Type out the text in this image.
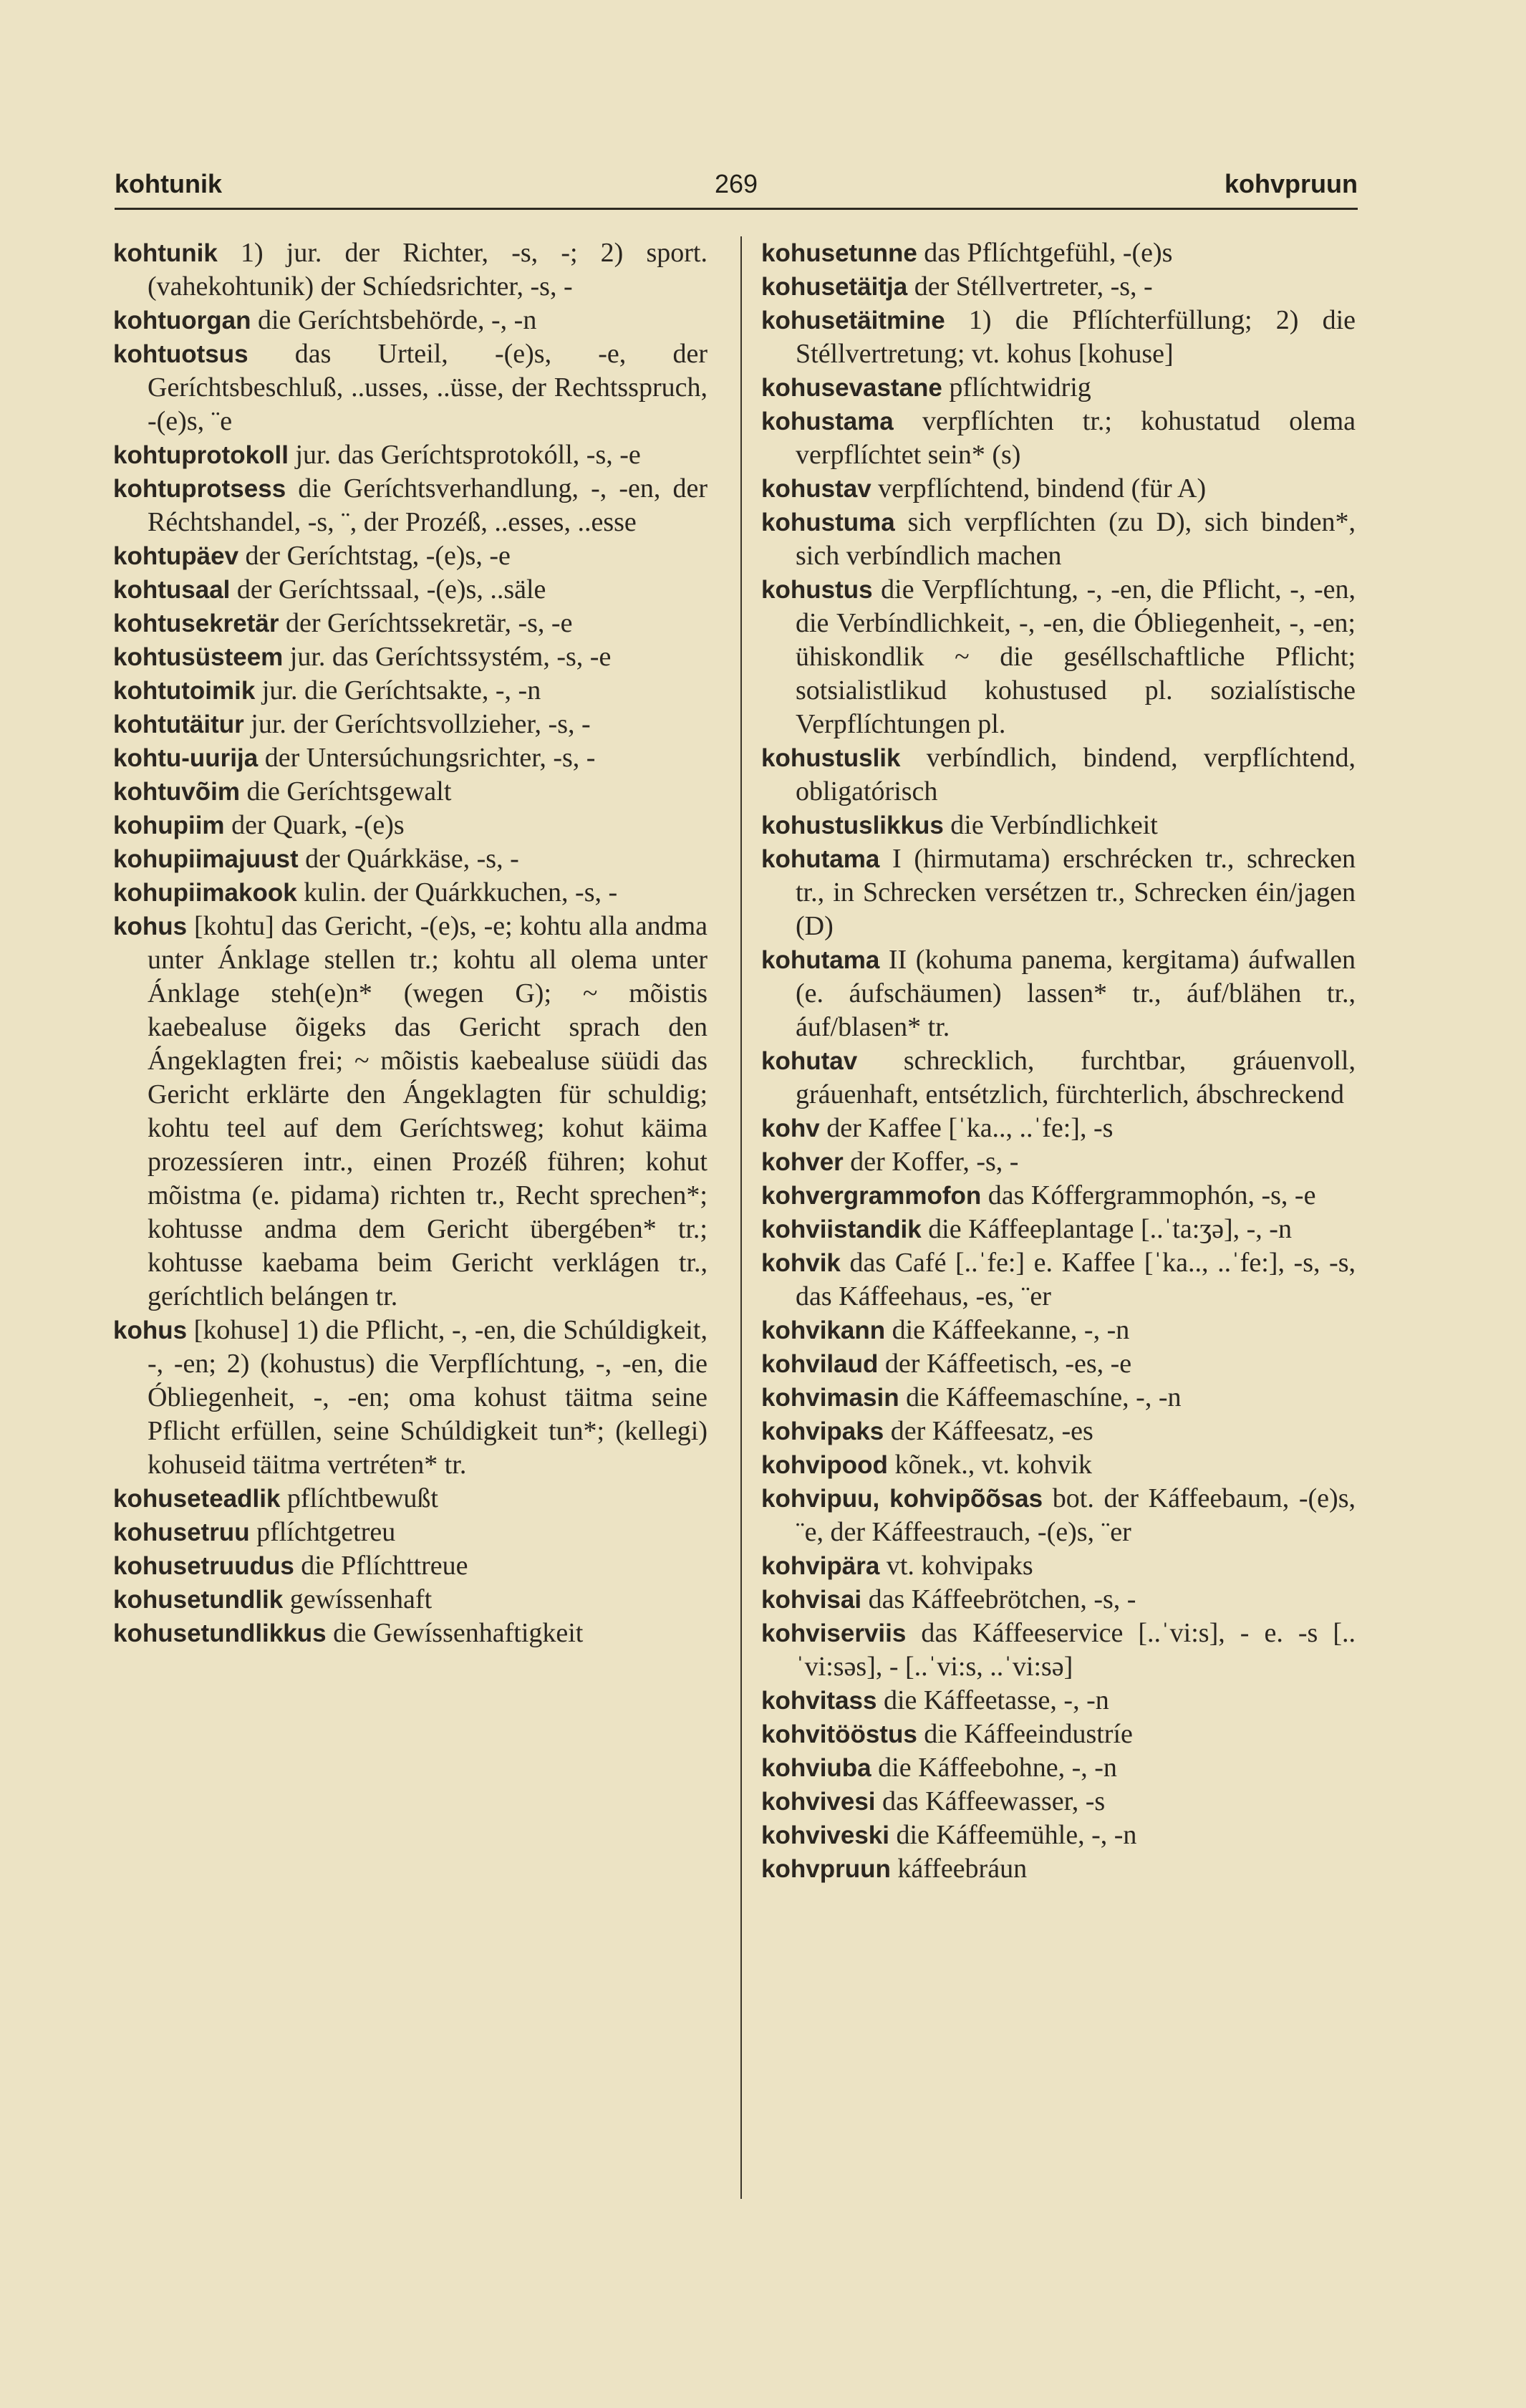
kohtunik	269	kohvpruun

kohtunik 1) jur. der Richter, -s, -; 2) sport. (vahekohtunik) der Schíedsrichter, -s, -

kohtuorgan die Geríchtsbehörde, -, -n

kohtuotsus das Urteil, -(e)s, -e, der Geríchtsbeschluß, ..usses, ..üsse, der Rechtsspruch, -(e)s, ¨e

kohtuprotokoll jur. das Geríchtsprotokóll, -s, -e

kohtuprotsess die Geríchtsverhandlung, -, -en, der Réchtshandel, -s, ¨, der Prozéß, ..esses, ..esse

kohtupäev der Geríchtstag, -(e)s, -e

kohtusaal der Geríchtssaal, -(e)s, ..säle

kohtusekretär der Geríchtssekretär, -s, -e

kohtusüsteem jur. das Geríchtssystém, -s, -e

kohtutoimik jur. die Geríchtsakte, -, -n

kohtutäitur jur. der Geríchtsvollzieher, -s, -

kohtu-uurija der Untersúchungsrichter, -s, -

kohtuvõim die Geríchtsgewalt

kohupiim der Quark, -(e)s

kohupiimajuust der Quárkkäse, -s, -

kohupiimakook kulin. der Quárkkuchen, -s, -

kohus [kohtu] das Gericht, -(e)s, -e; kohtu alla andma unter Ánklage stellen tr.; kohtu all olema unter Ánklage steh(e)n* (wegen G); ~ mõistis kaebealuse õigeks das Gericht sprach den Ángeklagten frei; ~ mõistis kaebealuse süüdi das Gericht erklärte den Ángeklagten für schuldig; kohtu teel auf dem Geríchtsweg; kohut käima prozessíeren intr., einen Prozéß führen; kohut mõistma (e. pidama) richten tr., Recht sprechen*; kohtusse andma dem Gericht übergében* tr.; kohtusse kaebama beim Gericht verklágen tr., geríchtlich belángen tr.

kohus [kohuse] 1) die Pflicht, -, -en, die Schúldigkeit, -, -en; 2) (kohustus) die Verpflíchtung, -, -en, die Óbliegenheit, -, -en; oma kohust täitma seine Pflicht erfüllen, seine Schúldigkeit tun*; (kellegi) kohuseid täitma vertréten* tr.

kohuseteadlik pflíchtbewußt

kohusetruu pflíchtgetreu

kohusetruudus die Pflíchttreue

kohusetundlik gewíssenhaft

kohusetundlikkus die Gewíssenhaftigkeit

kohusetunne das Pflíchtgefühl, -(e)s

kohusetäitja der Stéllvertreter, -s, -

kohusetäitmine 1) die Pflíchterfüllung; 2) die Stéllvertretung; vt. kohus [kohuse]

kohusevastane pflíchtwidrig

kohustama verpflíchten tr.; kohustatud olema verpflíchtet sein* (s)

kohustav verpflíchtend, bindend (für A)

kohustuma sich verpflíchten (zu D), sich binden*, sich verbíndlich machen

kohustus die Verpflíchtung, -, -en, die Pflicht, -, -en, die Verbíndlichkeit, -, -en, die Óbliegenheit, -, -en; ühiskondlik ~ die geséllschaftliche Pflicht; sotsialistlikud kohustused pl. sozialístische Verpflíchtungen pl.

kohustuslik verbíndlich, bindend, verpflíchtend, obligatórisch

kohustuslikkus die Verbíndlichkeit

kohutama I (hirmutama) erschrécken tr., schrecken tr., in Schrecken versétzen tr., Schrecken éin/jagen (D)

kohutama II (kohuma panema, kergitama) áufwallen (e. áufschäumen) lassen* tr., áuf/blähen tr., áuf/blasen* tr.

kohutav schrecklich, furchtbar, gráuenvoll, gráuenhaft, entsétzlich, fürchterlich, ábschreckend

kohv der Kaffee [ˈka.., ..ˈfe:], -s

kohver der Koffer, -s, -

kohvergrammofon das Kóffergrammophón, -s, -e

kohviistandik die Káffeeplantage [..ˈta:ʒə], -, -n

kohvik das Café [..ˈfe:] e. Kaffee [ˈka.., ..ˈfe:], -s, -s, das Káffeehaus, -es, ¨er

kohvikann die Káffeekanne, -, -n

kohvilaud der Káffeetisch, -es, -e

kohvimasin die Káffeemaschíne, -, -n

kohvipaks der Káffeesatz, -es

kohvipood kõnek., vt. kohvik

kohvipuu, kohvipõõsas bot. der Káffeebaum, -(e)s, ¨e, der Káffeestrauch, -(e)s, ¨er

kohvipära vt. kohvipaks

kohvisai das Káffeebrötchen, -s, -

kohviserviis das Káffeeservice [..ˈvi:s], - e. -s [..ˈvi:səs], - [..ˈvi:s, ..ˈvi:sə]

kohvitass die Káffeetasse, -, -n

kohvitööstus die Káffeeindustríe

kohviuba die Káffeebohne, -, -n

kohvivesi das Káffeewasser, -s

kohviveski die Káffeemühle, -, -n

kohvpruun káffeebráun
